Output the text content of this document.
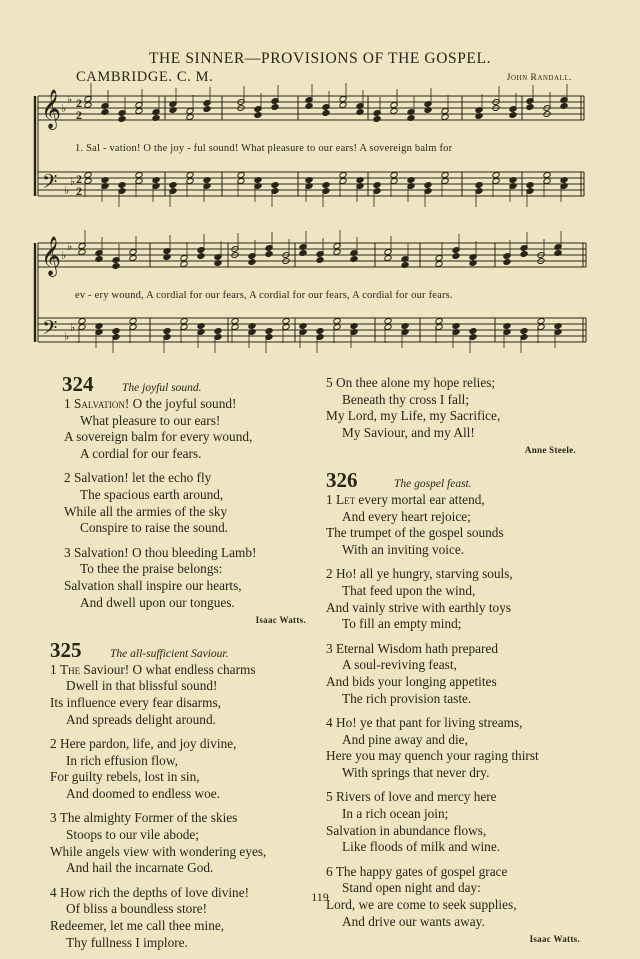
THE SINNER—PROVISIONS OF THE GOSPEL.
CAMBRIDGE. C. M.	John Randall.
𝄞
𝄢
♭
♭
♭
♭
2
2
2
2
𝄞
𝄢
♭
♭
♭
♭
1. Sal - vation! O the joy - ful sound! What pleasure to our ears! A sovereign balm for
ev - ery wound, A cordial for our fears, A cordial for our fears, A cordial for our fears.
324 The joyful sound.
1 Salvation! O the joyful sound!
What pleasure to our ears!
A sovereign balm for every wound,
A cordial for our fears.
2 Salvation! let the echo fly
The spacious earth around,
While all the armies of the sky
Conspire to raise the sound.
3 Salvation! O thou bleeding Lamb!
To thee the praise belongs:
Salvation shall inspire our hearts,
And dwell upon our tongues.
Isaac Watts.
325 The all-sufficient Saviour.
1 The Saviour! O what endless charms
Dwell in that blissful sound!
Its influence every fear disarms,
And spreads delight around.
2 Here pardon, life, and joy divine,
In rich effusion flow,
For guilty rebels, lost in sin,
And doomed to endless woe.
3 The almighty Former of the skies
Stoops to our vile abode;
While angels view with wondering eyes,
And hail the incarnate God.
4 How rich the depths of love divine!
Of bliss a boundless store!
Redeemer, let me call thee mine,
Thy fullness I implore.
5 On thee alone my hope relies;
Beneath thy cross I fall;
My Lord, my Life, my Sacrifice,
My Saviour, and my All!
Anne Steele.
326	The gospel feast.
1 Let every mortal ear attend,
And every heart rejoice;
The trumpet of the gospel sounds
With an inviting voice.
2 Ho! all ye hungry, starving souls,
That feed upon the wind,
And vainly strive with earthly toys
To fill an empty mind;
3 Eternal Wisdom hath prepared
A soul-reviving feast,
And bids your longing appetites
The rich provision taste.
4 Ho! ye that pant for living streams,
And pine away and die,
Here you may quench your raging thirst
With springs that never dry.
5 Rivers of love and mercy here
In a rich ocean join;
Salvation in abundance flows,
Like floods of milk and wine.
6 The happy gates of gospel grace
Stand open night and day:
Lord, we are come to seek supplies,
And drive our wants away.
Isaac Watts.
119
